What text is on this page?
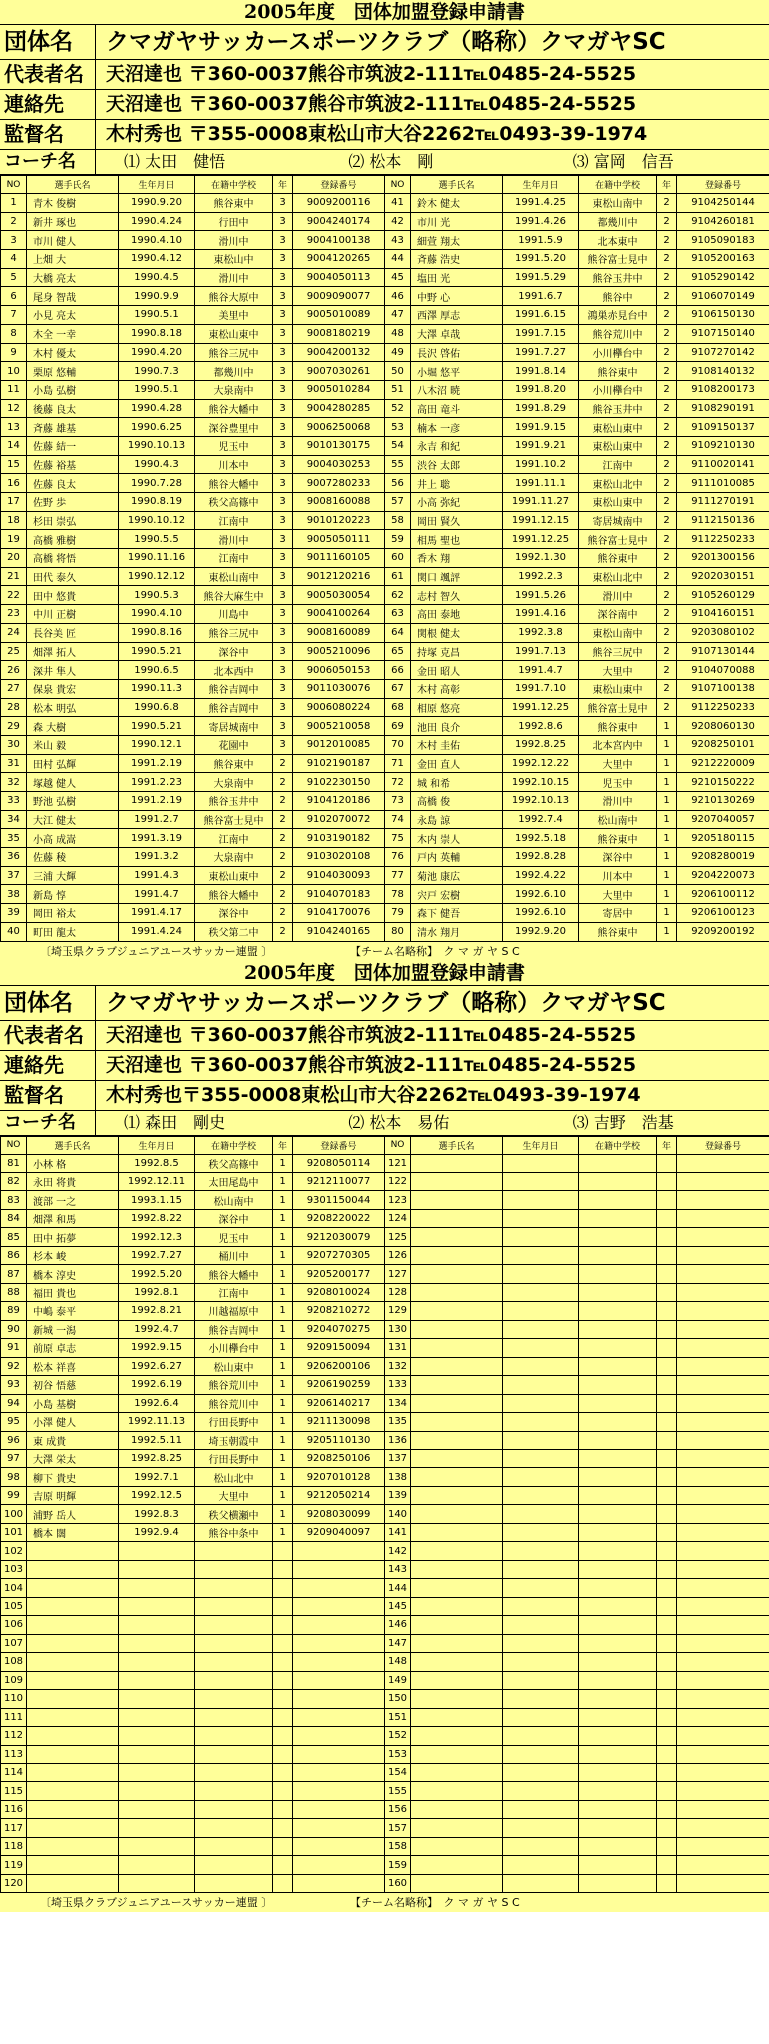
2005年度　団体加盟登録申請書
団体名	クマガヤサッカースポーツクラブ（略称）クマガヤSC
代表者名	天沼達也 〒360-0037熊谷市筑波2-111℡0485-24-5525
連絡先	天沼達也 〒360-0037熊谷市筑波2-111℡0485-24-5525
監督名	木村秀也 〒355-0008東松山市大谷2262℡0493-39-1974
コーチ名	⑴ 太田　健悟	⑵ 松本　剛	⑶ 富岡　信吾
NO	選手氏名	生年月日	在籍中学校	年	登録番号	NO	選手氏名	生年月日	在籍中学校	年	登録番号
1	青木 俊樹	1990.9.20	熊谷東中	3	9009200116	41	鈴木 健太	1991.4.25	東松山南中	2	9104250144
2	新井 琢也	1990.4.24	行田中	3	9004240174	42	市川 光	1991.4.26	都幾川中	2	9104260181
3	市川 健人	1990.4.10	滑川中	3	9004100138	43	細萱 翔太	1991.5.9	北本東中	2	9105090183
4	上畑 大	1990.4.12	東松山中	3	9004120265	44	斉藤 浩史	1991.5.20	熊谷富士見中	2	9105200163
5	大橋 亮太	1990.4.5	滑川中	3	9004050113	45	塩田 光	1991.5.29	熊谷玉井中	2	9105290142
6	尾身 智哉	1990.9.9	熊谷大原中	3	9009090077	46	中野 心	1991.6.7	熊谷中	2	9106070149
7	小見 亮太	1990.5.1	美里中	3	9005010089	47	西澤 厚志	1991.6.15	鴻巣赤見台中	2	9106150130
8	木全 一幸	1990.8.18	東松山東中	3	9008180219	48	大澤 卓哉	1991.7.15	熊谷荒川中	2	9107150140
9	木村 優太	1990.4.20	熊谷三尻中	3	9004200132	49	長沢 啓佑	1991.7.27	小川欅台中	2	9107270142
10	栗原 悠輔	1990.7.3	都幾川中	3	9007030261	50	小堀 悠平	1991.8.14	熊谷東中	2	9108140132
11	小島 弘樹	1990.5.1	大泉南中	3	9005010284	51	八木沼 暁	1991.8.20	小川欅台中	2	9108200173
12	後藤 良太	1990.4.28	熊谷大幡中	3	9004280285	52	高田 竜斗	1991.8.29	熊谷玉井中	2	9108290191
13	斉藤 雄基	1990.6.25	深谷豊里中	3	9006250068	53	楠本 一彦	1991.9.15	東松山東中	2	9109150137
14	佐藤 結一	1990.10.13	児玉中	3	9010130175	54	永吉 和紀	1991.9.21	東松山東中	2	9109210130
15	佐藤 裕基	1990.4.3	川本中	3	9004030253	55	渋谷 太郎	1991.10.2	江南中	2	9110020141
16	佐藤 良太	1990.7.28	熊谷大幡中	3	9007280233	56	井上 聡	1991.11.1	東松山北中	2	9111010085
17	佐野 歩	1990.8.19	秩父高篠中	3	9008160088	57	小高 弥紀	1991.11.27	東松山東中	2	9111270191
18	杉田 崇弘	1990.10.12	江南中	3	9010120223	58	岡田 賢久	1991.12.15	寄居城南中	2	9112150136
19	高橋 雅樹	1990.5.5	滑川中	3	9005050111	59	相馬 聖也	1991.12.25	熊谷富士見中	2	9112250233
20	高橋 将悟	1990.11.16	江南中	3	9011160105	60	香木 翔	1992.1.30	熊谷東中	2	9201300156
21	田代 泰久	1990.12.12	東松山南中	3	9012120216	61	関口 颯評	1992.2.3	東松山北中	2	9202030151
22	田中 悠貴	1990.5.3	熊谷大麻生中	3	9005030054	62	志村 智久	1991.5.26	滑川中	2	9105260129
23	中川 正樹	1990.4.10	川島中	3	9004100264	63	高田 泰地	1991.4.16	深谷南中	2	9104160151
24	長谷美 匠	1990.8.16	熊谷三尻中	3	9008160089	64	関根 健太	1992.3.8	東松山南中	2	9203080102
25	畑澤 拓人	1990.5.21	深谷中	3	9005210096	65	持塚 克昌	1991.7.13	熊谷三尻中	2	9107130144
26	深井 隼人	1990.6.5	北本西中	3	9006050153	66	金田 昭人	1991.4.7	大里中	2	9104070088
27	保泉 貴宏	1990.11.3	熊谷吉岡中	3	9011030076	67	木村 高彰	1991.7.10	東松山東中	2	9107100138
28	松本 明弘	1990.6.8	熊谷吉岡中	3	9006080224	68	相原 悠亮	1991.12.25	熊谷富士見中	2	9112250233
29	森 大樹	1990.5.21	寄居城南中	3	9005210058	69	池田 良介	1992.8.6	熊谷東中	1	9208060130
30	米山 毅	1990.12.1	花園中	3	9012010085	70	木村 圭佑	1992.8.25	北本宮内中	1	9208250101
31	田村 弘輝	1991.2.19	熊谷東中	2	9102190187	71	金田 直人	1992.12.22	大里中	1	9212220009
32	塚越 健人	1991.2.23	大泉南中	2	9102230150	72	城 和希	1992.10.15	児玉中	1	9210150222
33	野池 弘樹	1991.2.19	熊谷玉井中	2	9104120186	73	高橋 俊	1992.10.13	滑川中	1	9210130269
34	大江 健太	1991.2.7	熊谷富士見中	2	9102070072	74	永島 諒	1992.7.4	松山南中	1	9207040057
35	小高 成嵩	1991.3.19	江南中	2	9103190182	75	木内 崇人	1992.5.18	熊谷東中	1	9205180115
36	佐藤 稜	1991.3.2	大泉南中	2	9103020108	76	戸内 英輔	1992.8.28	深谷中	1	9208280019
37	三浦 大輝	1991.4.3	東松山東中	2	9104030093	77	菊池 康広	1992.4.22	川本中	1	9204220073
38	新島 惇	1991.4.7	熊谷大幡中	2	9104070183	78	宍戸 宏樹	1992.6.10	大里中	1	9206100112
39	岡田 裕太	1991.4.17	深谷中	2	9104170076	79	森下 健吾	1992.6.10	寄居中	1	9206100123
40	町田 龍太	1991.4.24	秩父第二中	2	9104240165	80	清水 翔月	1992.9.20	熊谷東中	1	9209200192
〔埼玉県クラブジュニアユースサッカー連盟 〕	【チーム名略称】　ク マ ガ ヤ S C
2005年度　団体加盟登録申請書
団体名	クマガヤサッカースポーツクラブ（略称）クマガヤSC
代表者名	天沼達也 〒360-0037熊谷市筑波2-111℡0485-24-5525
連絡先	天沼達也 〒360-0037熊谷市筑波2-111℡0485-24-5525
監督名	木村秀也〒355-0008東松山市大谷2262℡0493-39-1974
コーチ名	⑴ 森田　剛史	⑵ 松本　易佑	⑶ 吉野　浩基
NO	選手氏名	生年月日	在籍中学校	年	登録番号	NO	選手氏名	生年月日	在籍中学校	年	登録番号
81	小林 格	1992.8.5	秩父高篠中	1	9208050114	121					
82	永田 将貴	1992.12.11	太田尾島中	1	9212110077	122					
83	渡部 一之	1993.1.15	松山南中	1	9301150044	123					
84	畑澤 和馬	1992.8.22	深谷中	1	9208220022	124					
85	田中 拓夢	1992.12.3	児玉中	1	9212030079	125					
86	杉本 峻	1992.7.27	桶川中	1	9207270305	126					
87	橋本 淳史	1992.5.20	熊谷大幡中	1	9205200177	127					
88	福田 貴也	1992.8.1	江南中	1	9208010024	128					
89	中嶋 泰平	1992.8.21	川越福原中	1	9208210272	129					
90	新城 一潟	1992.4.7	熊谷吉岡中	1	9204070275	130					
91	前原 卓志	1992.9.15	小川欅台中	1	9209150094	131					
92	松本 祥喜	1992.6.27	松山東中	1	9206200106	132					
93	初谷 悟慈	1992.6.19	熊谷荒川中	1	9206190259	133					
94	小島 基樹	1992.6.4	熊谷荒川中	1	9206140217	134					
95	小澤 健人	1992.11.13	行田長野中	1	9211130098	135					
96	東 成貴	1992.5.11	埼玉朝霞中	1	9205110130	136					
97	大澤 栄太	1992.8.25	行田長野中	1	9208250106	137					
98	柳下 貴史	1992.7.1	松山北中	1	9207010128	138					
99	吉原 明輝	1992.12.5	大里中	1	9212050214	139					
100	浦野 岳人	1992.8.3	秩父横瀬中	1	9208030099	140					
101	橋本 闊	1992.9.4	熊谷中条中	1	9209040097	141					
102						142					
103						143					
104						144					
105						145					
106						146					
107						147					
108						148					
109						149					
110						150					
111						151					
112						152					
113						153					
114						154					
115						155					
116						156					
117						157					
118						158					
119						159					
120						160					
〔埼玉県クラブジュニアユースサッカー連盟 〕	【チーム名略称】　ク マ ガ ヤ S C
